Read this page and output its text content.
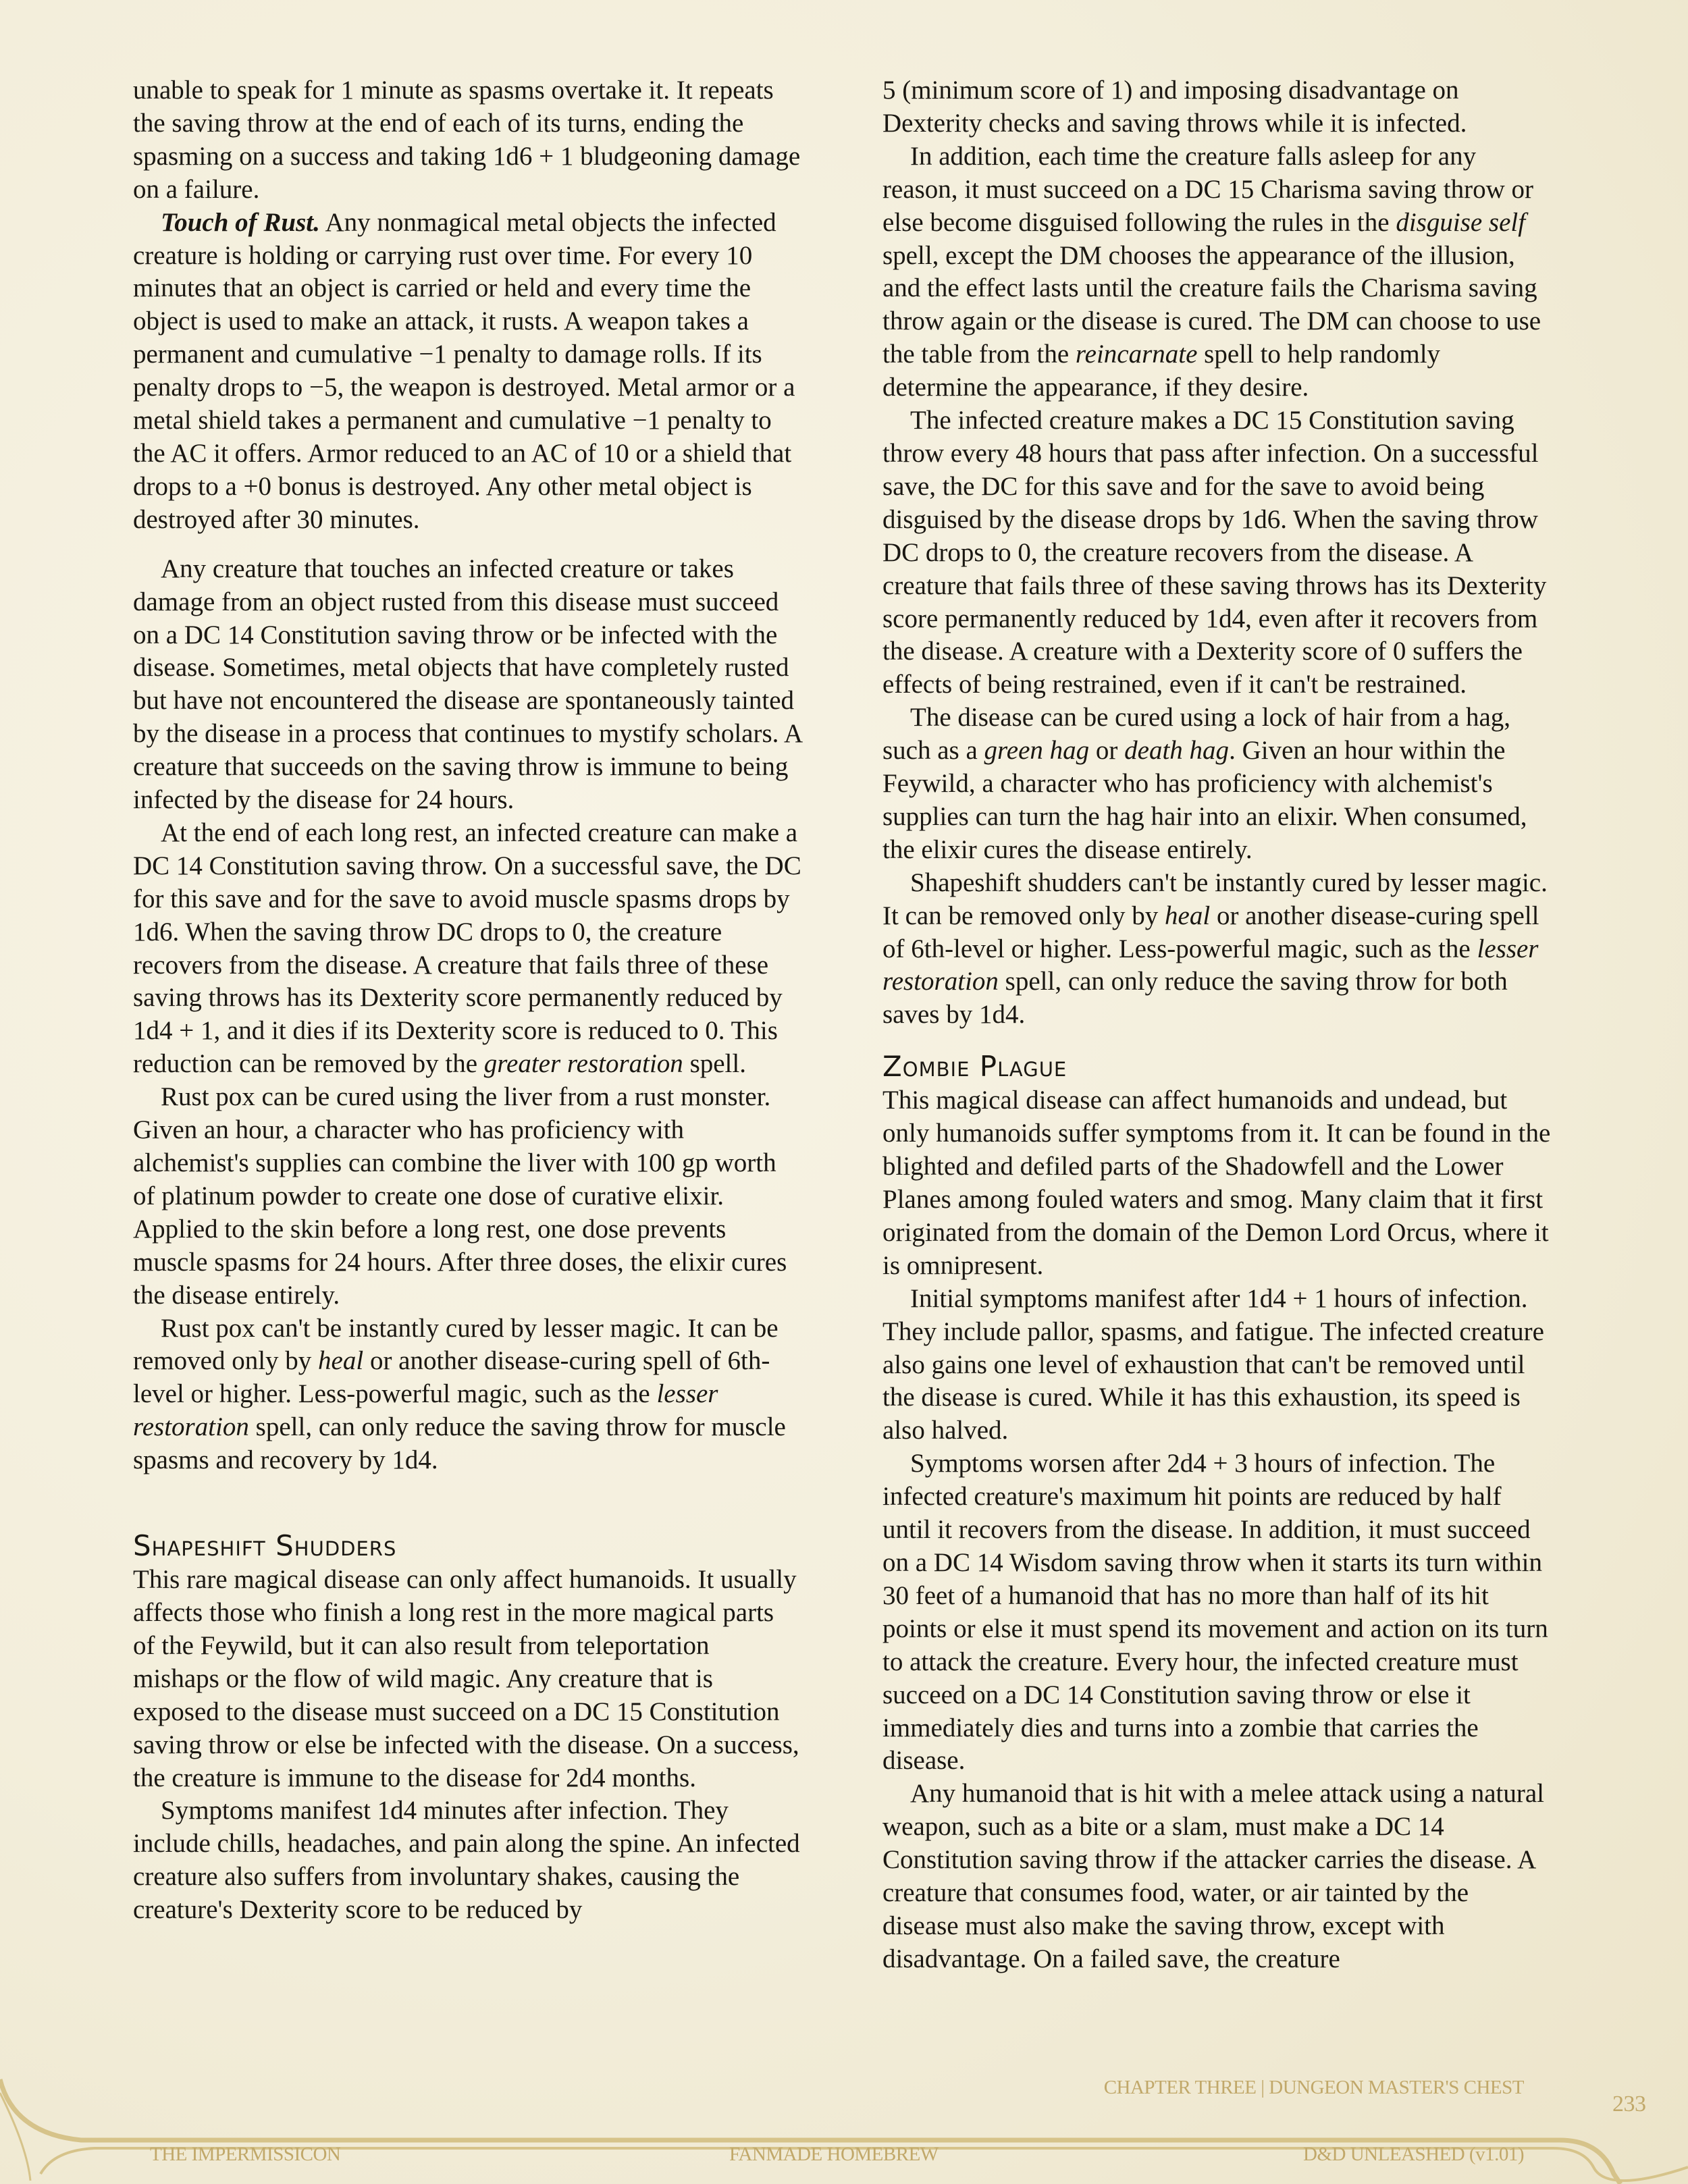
unable to speak for 1 minute as spasms overtake it. It repeats the saving throw at the end of each of its turns, ending the spasming on a success and taking 1d6 + 1 bludgeoning damage on a failure.

Touch of Rust. Any nonmagical metal objects the infected creature is holding or carrying rust over time. For every 10 minutes that an object is carried or held and every time the object is used to make an attack, it rusts. A weapon takes a permanent and cumulative −1 penalty to damage rolls. If its penalty drops to −5, the weapon is destroyed. Metal armor or a metal shield takes a permanent and cumulative −1 penalty to the AC it offers. Armor reduced to an AC of 10 or a shield that drops to a +0 bonus is destroyed. Any other metal object is destroyed after 30 minutes.

Any creature that touches an infected creature or takes damage from an object rusted from this disease must succeed on a DC 14 Constitution saving throw or be infected with the disease. Sometimes, metal objects that have completely rusted but have not encountered the disease are spontaneously tainted by the disease in a process that continues to mystify scholars. A creature that succeeds on the saving throw is immune to being infected by the disease for 24 hours.

At the end of each long rest, an infected creature can make a DC 14 Constitution saving throw. On a successful save, the DC for this save and for the save to avoid muscle spasms drops by 1d6. When the saving throw DC drops to 0, the creature recovers from the disease. A creature that fails three of these saving throws has its Dexterity score permanently reduced by 1d4 + 1, and it dies if its Dexterity score is reduced to 0. This reduction can be removed by the greater restoration spell.

Rust pox can be cured using the liver from a rust monster. Given an hour, a character who has proficiency with alchemist's supplies can combine the liver with 100 gp worth of platinum powder to create one dose of curative elixir. Applied to the skin before a long rest, one dose prevents muscle spasms for 24 hours. After three doses, the elixir cures the disease entirely.

Rust pox can't be instantly cured by lesser magic. It can be removed only by heal or another disease-curing spell of 6th-level or higher. Less-powerful magic, such as the lesser restoration spell, can only reduce the saving throw for muscle spasms and recovery by 1d4.

Shapeshift Shudders

This rare magical disease can only affect humanoids. It usually affects those who finish a long rest in the more magical parts of the Feywild, but it can also result from teleportation mishaps or the flow of wild magic. Any creature that is exposed to the disease must succeed on a DC 15 Constitution saving throw or else be infected with the disease. On a success, the creature is immune to the disease for 2d4 months.

Symptoms manifest 1d4 minutes after infection. They include chills, headaches, and pain along the spine. An infected creature also suffers from involuntary shakes, causing the creature's Dexterity score to be reduced by

5 (minimum score of 1) and imposing disadvantage on Dexterity checks and saving throws while it is infected.

In addition, each time the creature falls asleep for any reason, it must succeed on a DC 15 Charisma saving throw or else become disguised following the rules in the disguise self spell, except the DM chooses the appearance of the illusion, and the effect lasts until the creature fails the Charisma saving throw again or the disease is cured. The DM can choose to use the table from the reincarnate spell to help randomly determine the appearance, if they desire.

The infected creature makes a DC 15 Constitution saving throw every 48 hours that pass after infection. On a successful save, the DC for this save and for the save to avoid being disguised by the disease drops by 1d6. When the saving throw DC drops to 0, the creature recovers from the disease. A creature that fails three of these saving throws has its Dexterity score permanently reduced by 1d4, even after it recovers from the disease. A creature with a Dexterity score of 0 suffers the effects of being restrained, even if it can't be restrained.

The disease can be cured using a lock of hair from a hag, such as a green hag or death hag. Given an hour within the Feywild, a character who has proficiency with alchemist's supplies can turn the hag hair into an elixir. When consumed, the elixir cures the disease entirely.

Shapeshift shudders can't be instantly cured by lesser magic. It can be removed only by heal or another disease-curing spell of 6th-level or higher. Less-powerful magic, such as the lesser restoration spell, can only reduce the saving throw for both saves by 1d4.

Zombie Plague

This magical disease can affect humanoids and undead, but only humanoids suffer symptoms from it. It can be found in the blighted and defiled parts of the Shadowfell and the Lower Planes among fouled waters and smog. Many claim that it first originated from the domain of the Demon Lord Orcus, where it is omnipresent.

Initial symptoms manifest after 1d4 + 1 hours of infection. They include pallor, spasms, and fatigue. The infected creature also gains one level of exhaustion that can't be removed until the disease is cured. While it has this exhaustion, its speed is also halved.

Symptoms worsen after 2d4 + 3 hours of infection. The infected creature's maximum hit points are reduced by half until it recovers from the disease. In addition, it must succeed on a DC 14 Wisdom saving throw when it starts its turn within 30 feet of a humanoid that has no more than half of its hit points or else it must spend its movement and action on its turn to attack the creature. Every hour, the infected creature must succeed on a DC 14 Constitution saving throw or else it immediately dies and turns into a zombie that carries the disease.

Any humanoid that is hit with a melee attack using a natural weapon, such as a bite or a slam, must make a DC 14 Constitution saving throw if the attacker carries the disease. A creature that consumes food, water, or air tainted by the disease must also make the saving throw, except with disadvantage. On a failed save, the creature

CHAPTER THREE | DUNGEON MASTER'S CHEST
233
THE IMPERMISSICON	FANMADE HOMEBREW	D&D UNLEASHED (v1.01)
